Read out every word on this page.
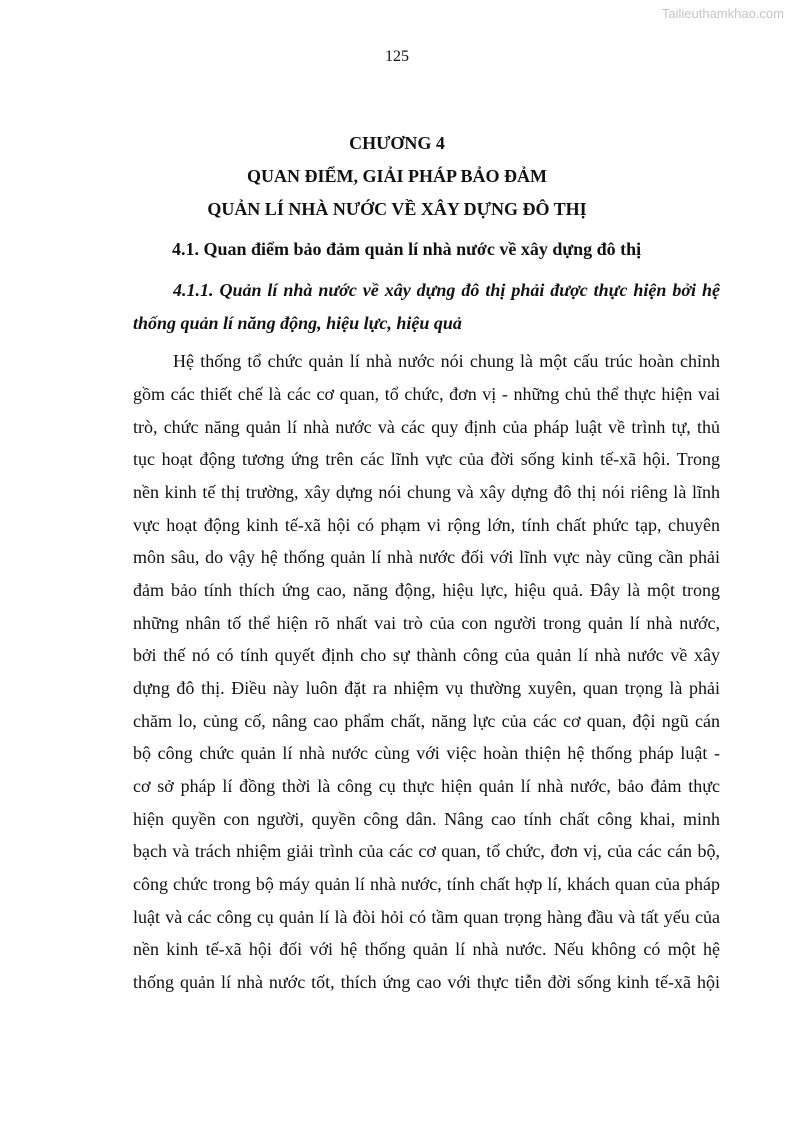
Tailieuthamkhao.com
125
CHƯƠNG 4
QUAN ĐIỂM, GIẢI PHÁP BẢO ĐẢM
QUẢN LÍ NHÀ NƯỚC VỀ XÂY DỰNG ĐÔ THỊ
4.1. Quan điểm bảo đảm quản lí nhà nước về xây dựng đô thị
4.1.1. Quản lí nhà nước về xây dựng đô thị phải được thực hiện bởi hệ
thống quản lí năng động, hiệu lực, hiệu quả
Hệ thống tổ chức quản lí nhà nước nói chung là một cấu trúc hoàn chỉnh
gồm các thiết chế là các cơ quan, tổ chức, đơn vị - những chủ thể thực hiện vai
trò, chức năng quản lí nhà nước và các quy định của pháp luật về trình tự, thủ
tục hoạt động tương ứng trên các lĩnh vực của đời sống kinh tế-xã hội. Trong
nền kinh tế thị trường, xây dựng nói chung và xây dựng đô thị nói riêng là lĩnh
vực hoạt động kinh tế-xã hội có phạm vi rộng lớn, tính chất phức tạp, chuyên
môn sâu, do vậy hệ thống quản lí nhà nước đối với lĩnh vực này cũng cần phải
đảm bảo tính thích ứng cao, năng động, hiệu lực, hiệu quả. Đây là một trong
những nhân tố thể hiện rõ nhất vai trò của con người trong quản lí nhà nước,
bởi thế nó có tính quyết định cho sự thành công của quản lí nhà nước về xây
dựng đô thị. Điều này luôn đặt ra nhiệm vụ thường xuyên, quan trọng là phải
chăm lo, củng cố, nâng cao phẩm chất, năng lực của các cơ quan, đội ngũ cán
bộ công chức quản lí nhà nước cùng với việc hoàn thiện hệ thống pháp luật -
cơ sở pháp lí đồng thời là công cụ thực hiện quản lí nhà nước, bảo đảm thực
hiện quyền con người, quyền công dân. Nâng cao tính chất công khai, minh
bạch và trách nhiệm giải trình của các cơ quan, tổ chức, đơn vị, của các cán bộ,
công chức trong bộ máy quản lí nhà nước, tính chất hợp lí, khách quan của pháp
luật và các công cụ quản lí là đòi hỏi có tầm quan trọng hàng đầu và tất yếu của
nền kinh tế-xã hội đối với hệ thống quản lí nhà nước. Nếu không có một hệ
thống quản lí nhà nước tốt, thích ứng cao với thực tiễn đời sống kinh tế-xã hội
